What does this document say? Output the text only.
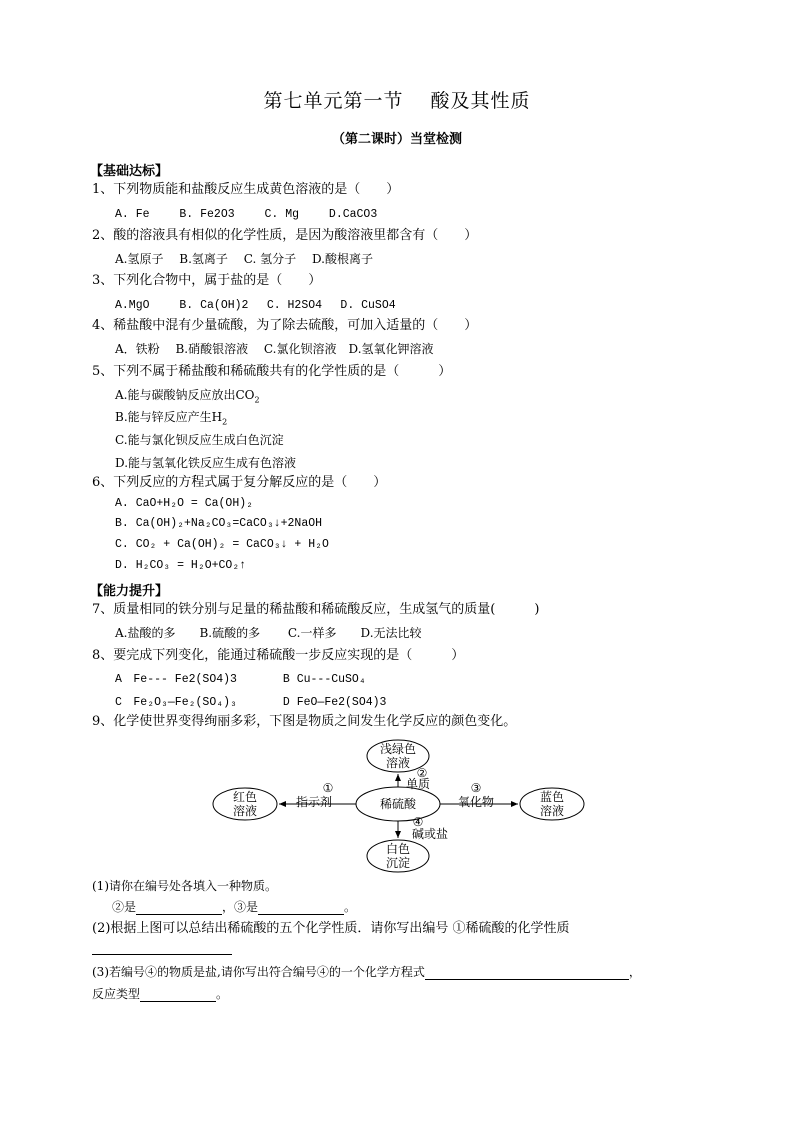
第七单元第一节　 酸及其性质
（第二课时）当堂检测
【基础达标】
1、下列物质能和盐酸反应生成黄色溶液的是（　　）
A. Fe　　 B. Fe2O3　　 C. Mg　　 D.CaCO3
2、酸的溶液具有相似的化学性质，是因为酸溶液里都含有（　　）
A.氢原子　 B.氢离子　 C. 氢分子　 D.酸根离子
3、下列化合物中，属于盐的是（　　）
A.MgO　　 B. Ca(OH)2　 C. H2SO4　 D. CuSO4
4、稀盐酸中混有少量硫酸，为了除去硫酸，可加入适量的（　　）
A．铁粉　 B.硝酸银溶液　 C.氯化钡溶液　D.氢氧化钾溶液
5、下列不属于稀盐酸和稀硫酸共有的化学性质的是（　　　）
A.能与碳酸钠反应放出$CO_2$
B.能与锌反应产生$H_2$
C.能与氯化钡反应生成白色沉淀
D.能与氢氧化铁反应生成有色溶液
6、下列反应的方程式属于复分解反应的是（　　）
A. CaO+H₂O = Ca(OH)₂
B. Ca(OH)₂+Na₂CO₃=CaCO₃↓+2NaOH
C. CO₂ + Ca(OH)₂ = CaCO₃↓ + H₂O
D. H₂CO₃ = H₂O+CO₂↑
【能力提升】
7、质量相同的铁分别与足量的稀盐酸和稀硫酸反应，生成氢气的质量(　　　)
A.盐酸的多　　B.硫酸的多　　 C.一样多　　D.无法比较
8、要完成下列变化，能通过稀硫酸一步反应实现的是（　　　）
A　Fe--- Fe2(SO4)3　　　　B Cu---CuSO₄
C　Fe₂O₃—Fe₂(SO₄)₃　　　　D FeO—Fe2(SO4)3
9、化学使世界变得绚丽多彩，下图是物质之间发生化学反应的颜色变化。
稀硫酸
浅绿色
溶液
红色
溶液
蓝色
溶液
白色
沉淀
①
指示剂
②
单质	③
氧化物
④
碱或盐
(1)请你在编号处各填入一种物质。
②是	，③是	。
(2)根据上图可以总结出稀硫酸的五个化学性质．请你写出编号 ①稀硫酸的化学性质
(3)若编号④的物质是盐,请你写出符合编号④的一个化学方程式	，
反应类型	。
